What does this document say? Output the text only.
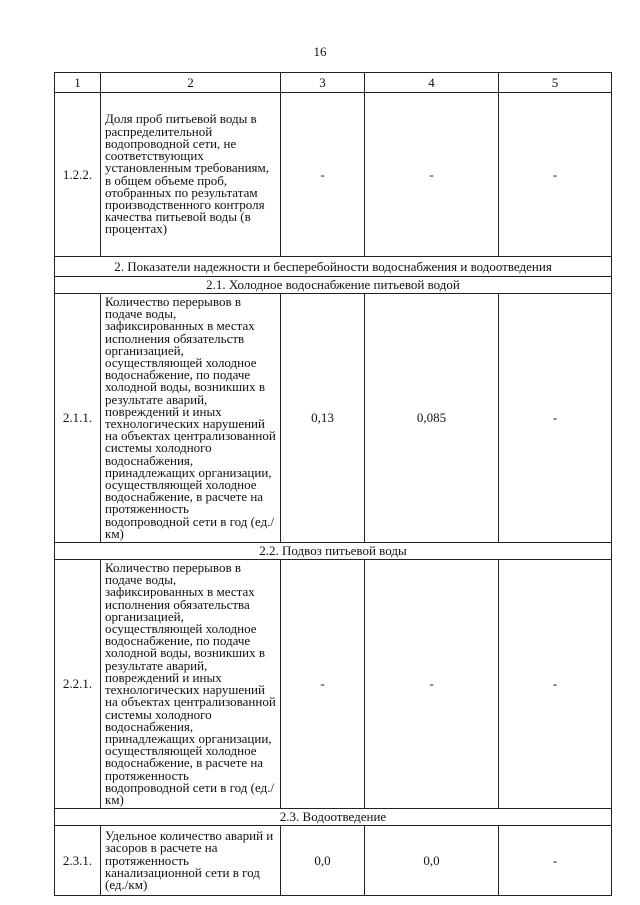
16
1	2	3	4	5
1.2.2.	Доля проб питьевой воды в распределительной водопроводной сети, не соответствующих установленным требованиям, в общем объеме проб, отобранных по результатам производственного контроля качества питьевой воды (в процентах)	-	-	-
2. Показатели надежности и бесперебойности водоснабжения и водоотведения				
2.1. Холодное водоснабжение питьевой водой				
2.1.1.	Количество перерывов в подаче воды, зафиксированных в местах исполнения обязательств организацией, осуществляющей холодное водоснабжение, по подаче холодной воды, возникших в результате аварий, повреждений и иных технологических нарушений на объектах централизованной системы холодного водоснабжения, принадлежащих организации, осуществляющей холодное водоснабжение, в расчете на протяженность водопроводной сети в год (ед./км)	0,13	0,085	-
2.2. Подвоз питьевой воды				
2.2.1.	Количество перерывов в подаче воды, зафиксированных в местах исполнения обязательства организацией, осуществляющей холодное водоснабжение, по подаче холодной воды, возникших в результате аварий, повреждений и иных технологических нарушений на объектах централизованной системы холодного водоснабжения, принадлежащих организации, осуществляющей холодное водоснабжение, в расчете на протяженность водопроводной сети в год (ед./км)	-	-	-
2.3. Водоотведение				
2.3.1.	Удельное количество аварий и засоров в расчете на протяженность канализационной сети в год (ед./км)	0,0	0,0	-
